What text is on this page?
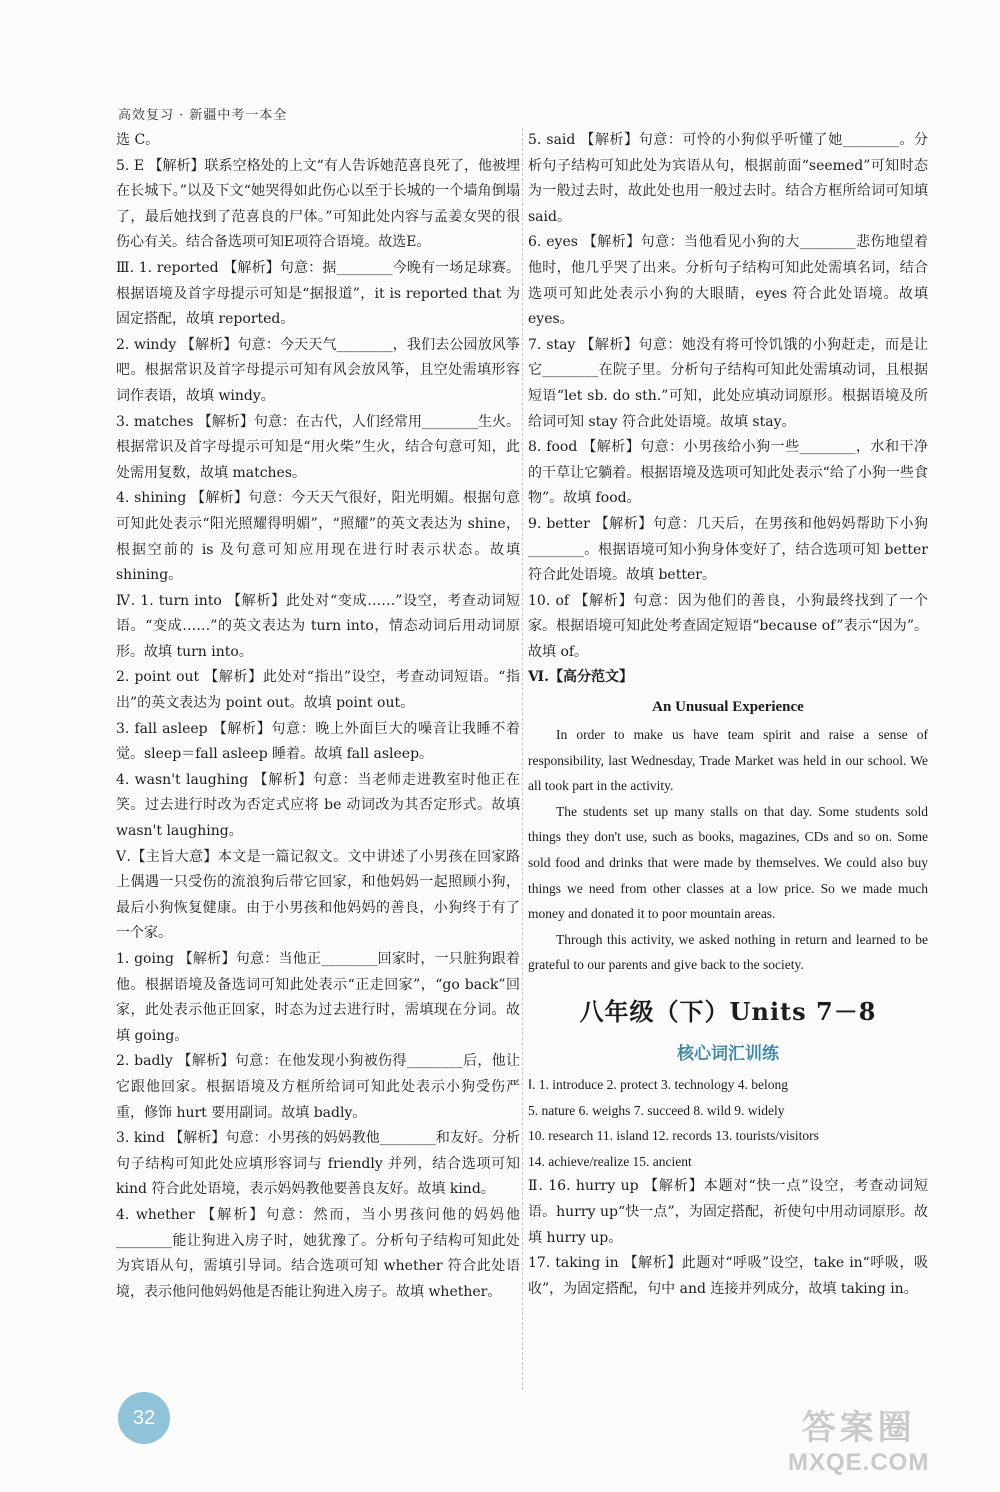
高效复习 · 新疆中考一本全

选 C。

5. E 【解析】联系空格处的上文“有人告诉她范喜良死了，他被埋在长城下。”以及下文“她哭得如此伤心以至于长城的一个墙角倒塌了，最后她找到了范喜良的尸体。”可知此处内容与孟姜女哭的很伤心有关。结合备选项可知E项符合语境。故选E。

Ⅲ. 1. reported 【解析】句意：据________今晚有一场足球赛。根据语境及首字母提示可知是“据报道”，it is reported that 为固定搭配，故填 reported。

2. windy 【解析】句意：今天天气________，我们去公园放风筝吧。根据常识及首字母提示可知有风会放风筝，且空处需填形容词作表语，故填 windy。

3. matches 【解析】句意：在古代，人们经常用________生火。根据常识及首字母提示可知是“用火柴”生火，结合句意可知，此处需用复数，故填 matches。

4. shining 【解析】句意：今天天气很好，阳光明媚。根据句意可知此处表示“阳光照耀得明媚”，“照耀”的英文表达为 shine，根据空前的 is 及句意可知应用现在进行时表示状态。故填 shining。

Ⅳ. 1. turn into 【解析】此处对“变成……”设空，考查动词短语。“变成……”的英文表达为 turn into，情态动词后用动词原形。故填 turn into。

2. point out 【解析】此处对“指出”设空，考查动词短语。“指出”的英文表达为 point out。故填 point out。

3. fall asleep 【解析】句意：晚上外面巨大的噪音让我睡不着觉。sleep＝fall asleep 睡着。故填 fall asleep。

4. wasn't laughing 【解析】句意：当老师走进教室时他正在笑。过去进行时改为否定式应将 be 动词改为其否定形式。故填 wasn't laughing。

Ⅴ.【主旨大意】本文是一篇记叙文。文中讲述了小男孩在回家路上偶遇一只受伤的流浪狗后带它回家，和他妈妈一起照顾小狗，最后小狗恢复健康。由于小男孩和他妈妈的善良，小狗终于有了一个家。

1. going 【解析】句意：当他正________回家时，一只脏狗跟着他。根据语境及备选词可知此处表示“正走回家”，“go back”回家，此处表示他正回家，时态为过去进行时，需填现在分词。故填 going。

2. badly 【解析】句意：在他发现小狗被伤得________后，他让它跟他回家。根据语境及方框所给词可知此处表示小狗受伤严重，修饰 hurt 要用副词。故填 badly。

3. kind 【解析】句意：小男孩的妈妈教他________和友好。分析句子结构可知此处应填形容词与 friendly 并列，结合选项可知 kind 符合此处语境，表示妈妈教他要善良友好。故填 kind。

4. whether 【解析】句意：然而，当小男孩问他的妈妈他________能让狗进入房子时，她犹豫了。分析句子结构可知此处为宾语从句，需填引导词。结合选项可知 whether 符合此处语境，表示他问他妈妈他是否能让狗进入房子。故填 whether。

5. said 【解析】句意：可怜的小狗似乎听懂了她________。分析句子结构可知此处为宾语从句，根据前面“seemed”可知时态为一般过去时，故此处也用一般过去时。结合方框所给词可知填 said。

6. eyes 【解析】句意：当他看见小狗的大________悲伤地望着他时，他几乎哭了出来。分析句子结构可知此处需填名词，结合选项可知此处表示小狗的大眼睛，eyes 符合此处语境。故填 eyes。

7. stay 【解析】句意：她没有将可怜饥饿的小狗赶走，而是让它________在院子里。分析句子结构可知此处需填动词，且根据短语“let sb. do sth.”可知，此处应填动词原形。根据语境及所给词可知 stay 符合此处语境。故填 stay。

8. food 【解析】句意：小男孩给小狗一些________，水和干净的干草让它躺着。根据语境及选项可知此处表示“给了小狗一些食物”。故填 food。

9. better 【解析】句意：几天后，在男孩和他妈妈帮助下小狗________。根据语境可知小狗身体变好了，结合选项可知 better 符合此处语境。故填 better。

10. of 【解析】句意：因为他们的善良，小狗最终找到了一个家。根据语境可知此处考查固定短语“because of”表示“因为”。故填 of。

Ⅵ.【高分范文】

An Unusual Experience

In order to make us have team spirit and raise a sense of responsibility, last Wednesday, Trade Market was held in our school. We all took part in the activity.

The students set up many stalls on that day. Some students sold things they don't use, such as books, magazines, CDs and so on. Some sold food and drinks that were made by themselves. We could also buy things we need from other classes at a low price. So we made much money and donated it to poor mountain areas.

Through this activity, we asked nothing in return and learned to be grateful to our parents and give back to the society.

八年级（下）Units 7－8
核心词汇训练
Ⅰ. 1. introduce 2. protect 3. technology 4. belong
5. nature 6. weighs 7. succeed 8. wild 9. widely
10. research 11. island 12. records 13. tourists/visitors
14. achieve/realize 15. ancient

Ⅱ. 16. hurry up 【解析】本题对“快一点”设空，考查动词短语。hurry up“快一点”，为固定搭配，祈使句中用动词原形。故填 hurry up。

17. taking in 【解析】此题对“呼吸”设空，take in“呼吸，吸收”，为固定搭配，句中 and 连接并列成分，故填 taking in。

32	答案圈
MXQE.COM
